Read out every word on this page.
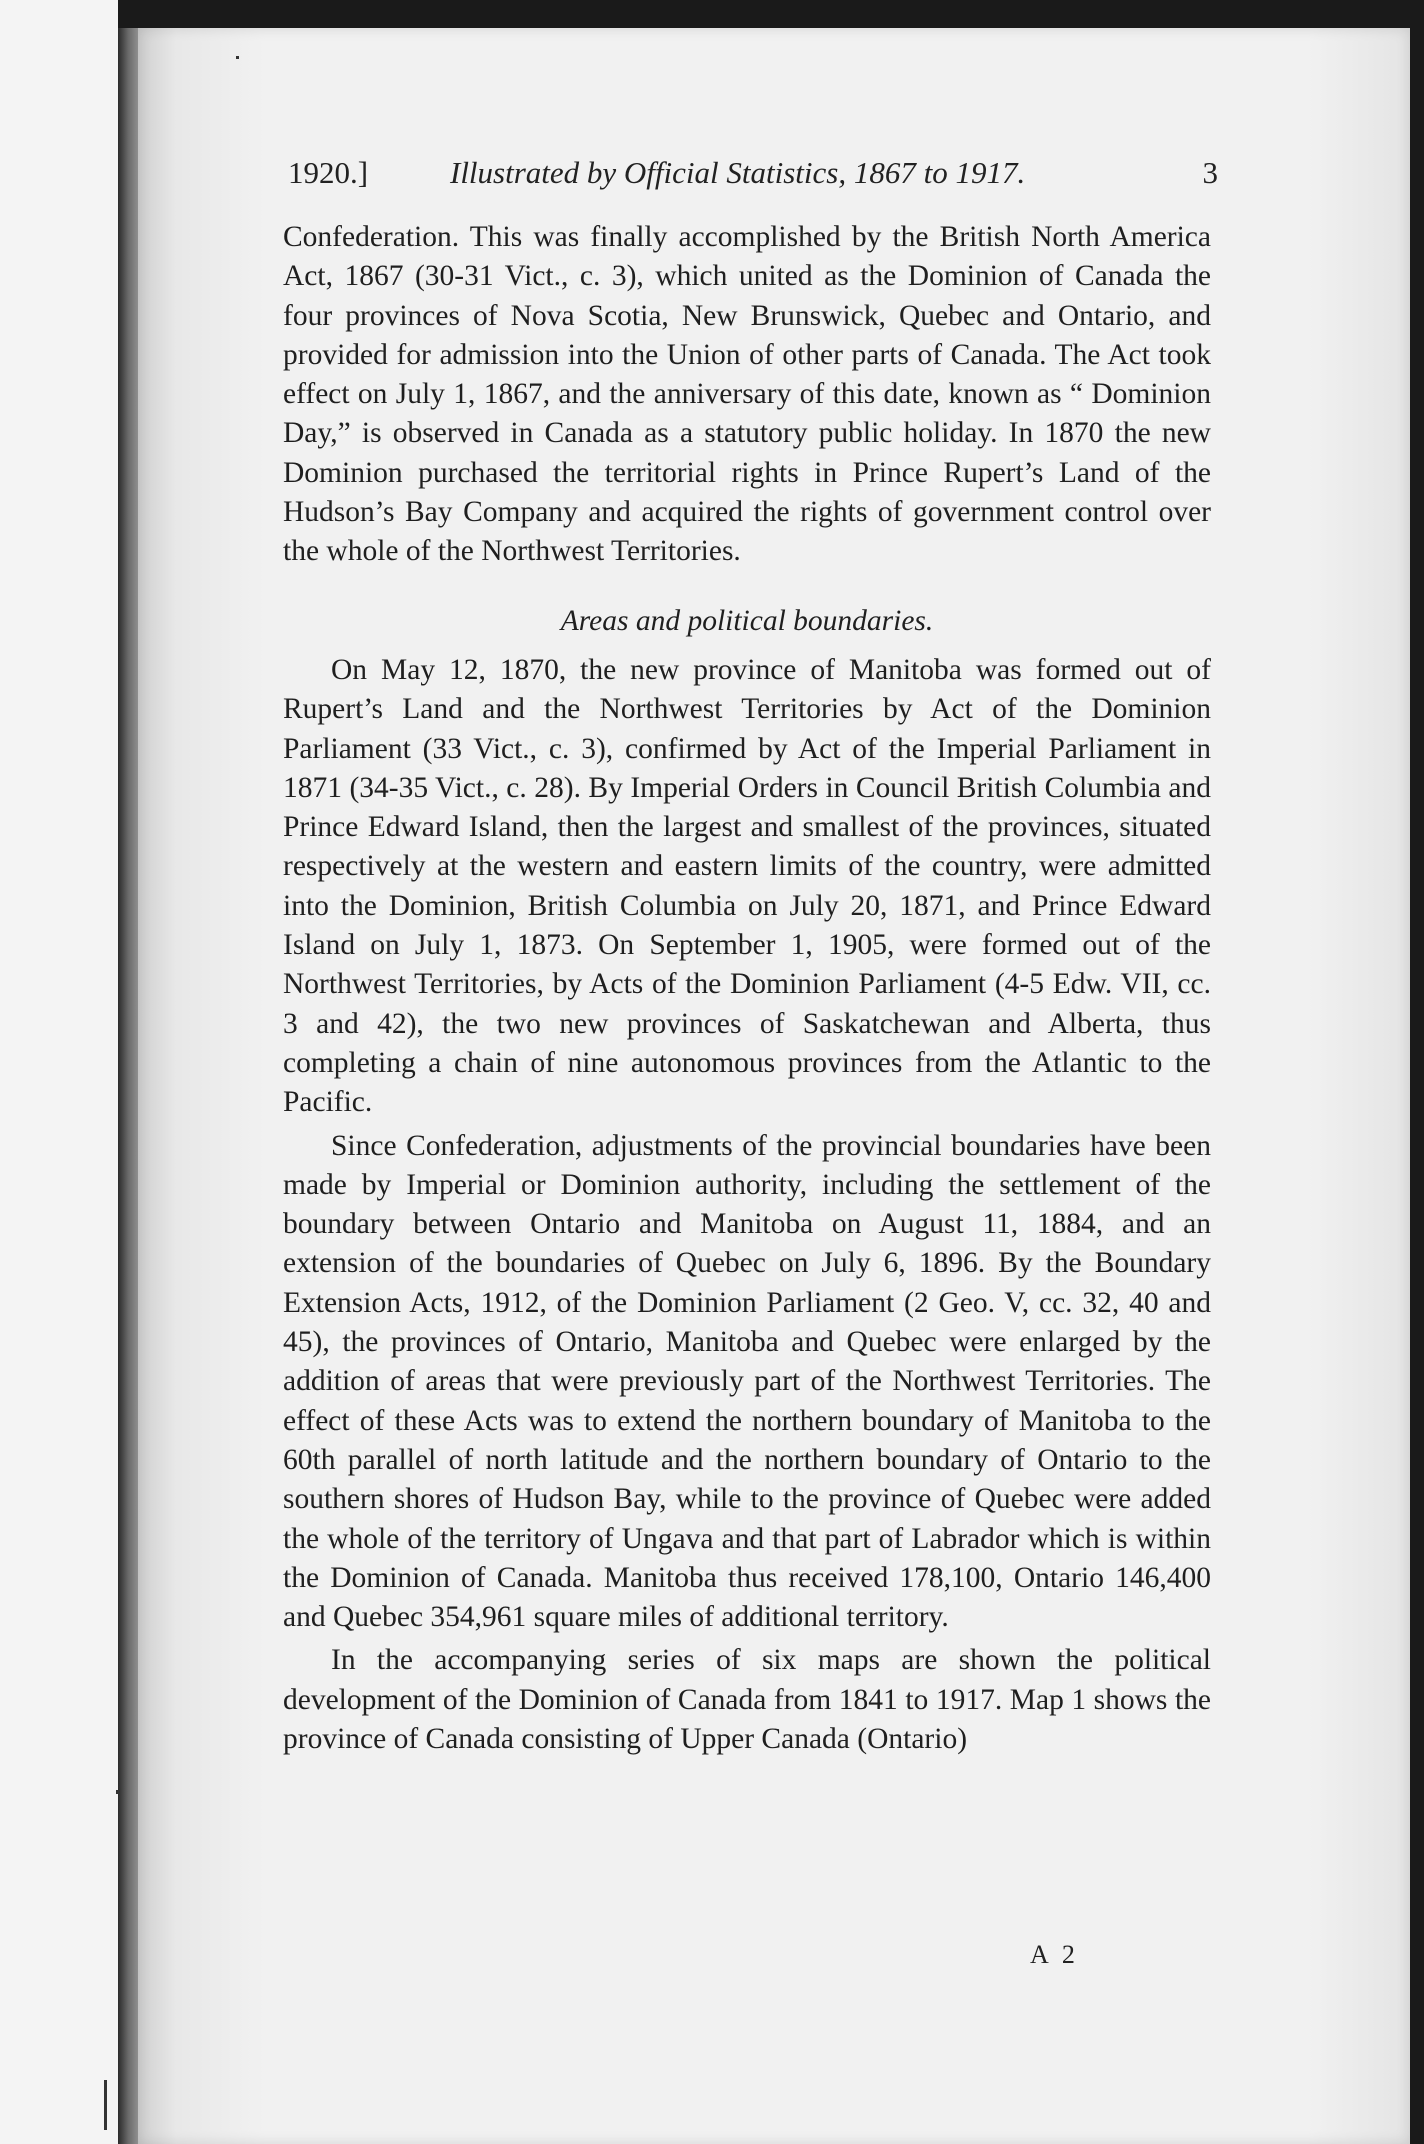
1920.]	Illustrated by Official Statistics, 1867 to 1917.	3

Confederation. This was finally accomplished by the British North America Act, 1867 (30-31 Vict., c. 3), which united as the Dominion of Canada the four provinces of Nova Scotia, New Brunswick, Quebec and Ontario, and provided for admission into the Union of other parts of Canada. The Act took effect on July 1, 1867, and the anniversary of this date, known as “ Dominion Day,” is observed in Canada as a statutory public holiday. In 1870 the new Dominion purchased the territorial rights in Prince Rupert’s Land of the Hudson’s Bay Company and acquired the rights of government control over the whole of the Northwest Territories.

Areas and political boundaries.

On May 12, 1870, the new province of Manitoba was formed out of Rupert’s Land and the Northwest Territories by Act of the Dominion Parliament (33 Vict., c. 3), confirmed by Act of the Imperial Parliament in 1871 (34-35 Vict., c. 28). By Imperial Orders in Council British Columbia and Prince Edward Island, then the largest and smallest of the provinces, situated respectively at the western and eastern limits of the country, were admitted into the Dominion, British Columbia on July 20, 1871, and Prince Edward Island on July 1, 1873. On September 1, 1905, were formed out of the Northwest Territories, by Acts of the Dominion Parliament (4-5 Edw. VII, cc. 3 and 42), the two new provinces of Saskatchewan and Alberta, thus completing a chain of nine autonomous provinces from the Atlantic to the Pacific.

Since Confederation, adjustments of the provincial boundaries have been made by Imperial or Dominion authority, including the settlement of the boundary between Ontario and Manitoba on August 11, 1884, and an extension of the boundaries of Quebec on July 6, 1896. By the Boundary Extension Acts, 1912, of the Dominion Parliament (2 Geo. V, cc. 32, 40 and 45), the provinces of Ontario, Manitoba and Quebec were enlarged by the addition of areas that were previously part of the Northwest Territories. The effect of these Acts was to extend the northern boundary of Manitoba to the 60th parallel of north latitude and the northern boundary of Ontario to the southern shores of Hudson Bay, while to the province of Quebec were added the whole of the territory of Ungava and that part of Labrador which is within the Dominion of Canada. Manitoba thus received 178,100, Ontario 146,400 and Quebec 354,961 square miles of additional territory.

In the accompanying series of six maps are shown the political development of the Dominion of Canada from 1841 to 1917. Map 1 shows the province of Canada consisting of Upper Canada (Ontario)

A 2
